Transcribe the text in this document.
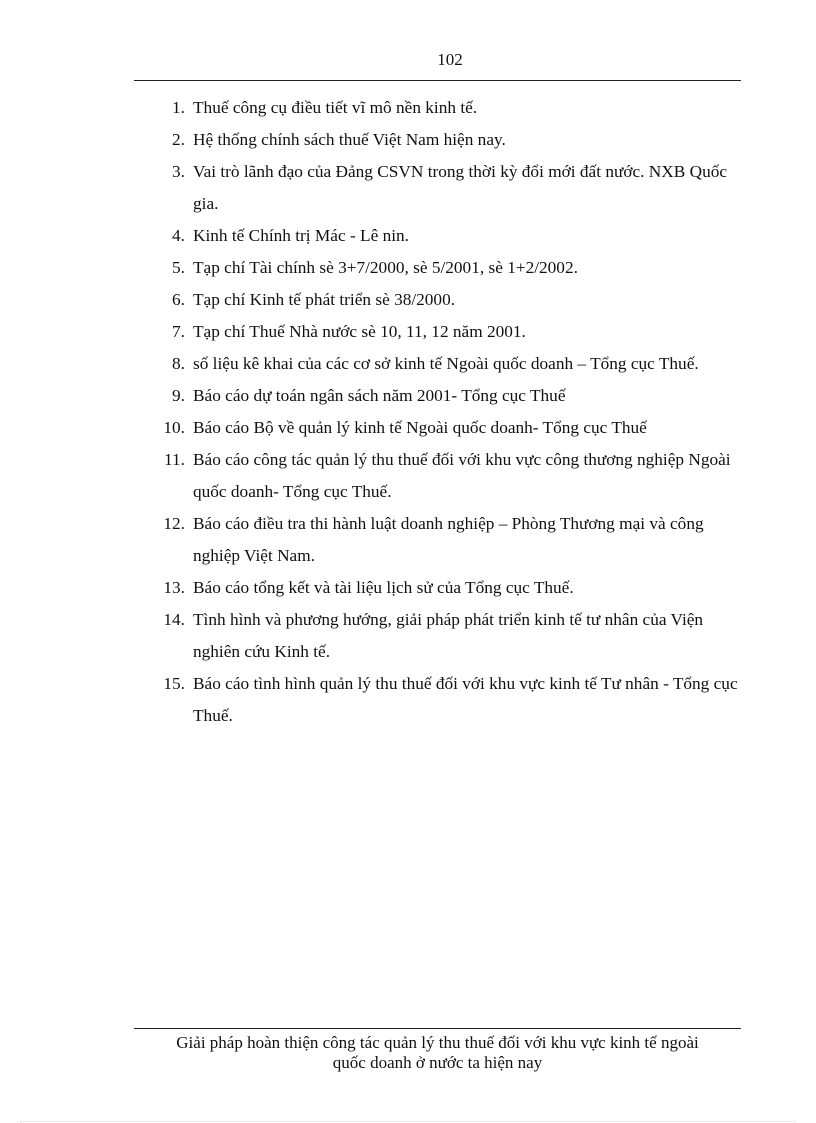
102
1. Thuế công cụ điều tiết vĩ mô nền kinh tế.
2. Hệ thống chính sách thuế Việt Nam hiện nay.
3. Vai trò lãnh đạo của Đảng CSVN trong thời kỳ đổi mới đất nước. NXB Quốc gia.
4. Kinh tế Chính trị Mác - Lê nin.
5. Tạp chí Tài chính sè 3+7/2000, sè 5/2001, sè 1+2/2002.
6. Tạp chí Kinh tế phát triển sè 38/2000.
7. Tạp chí Thuế Nhà nước sè 10, 11, 12 năm 2001.
8. số liệu kê khai của các cơ sở kinh tế Ngoài quốc doanh – Tổng cục Thuế.
9. Báo cáo dự toán ngân sách năm 2001- Tổng cục Thuế
10. Báo cáo Bộ về quản lý kinh tế Ngoài quốc doanh- Tổng cục Thuế
11. Báo cáo công tác quản lý thu thuế đối với khu vực công thương nghiệp Ngoài quốc doanh- Tổng cục Thuế.
12. Báo cáo điều tra thi hành luật doanh nghiệp – Phòng Thương mại và công nghiệp Việt Nam.
13. Báo cáo tổng kết và tài liệu lịch sử của Tổng cục Thuế.
14. Tình hình và phương hướng, giải pháp phát triển kinh tế tư nhân của Viện nghiên cứu Kinh tế.
15. Báo cáo tình hình quản lý thu thuế đối với khu vực kinh tế Tư nhân - Tổng cục Thuế.
Giải pháp hoàn thiện công tác quản lý thu thuế đối với khu vực kinh tế ngoài
quốc doanh ở nước ta hiện nay
